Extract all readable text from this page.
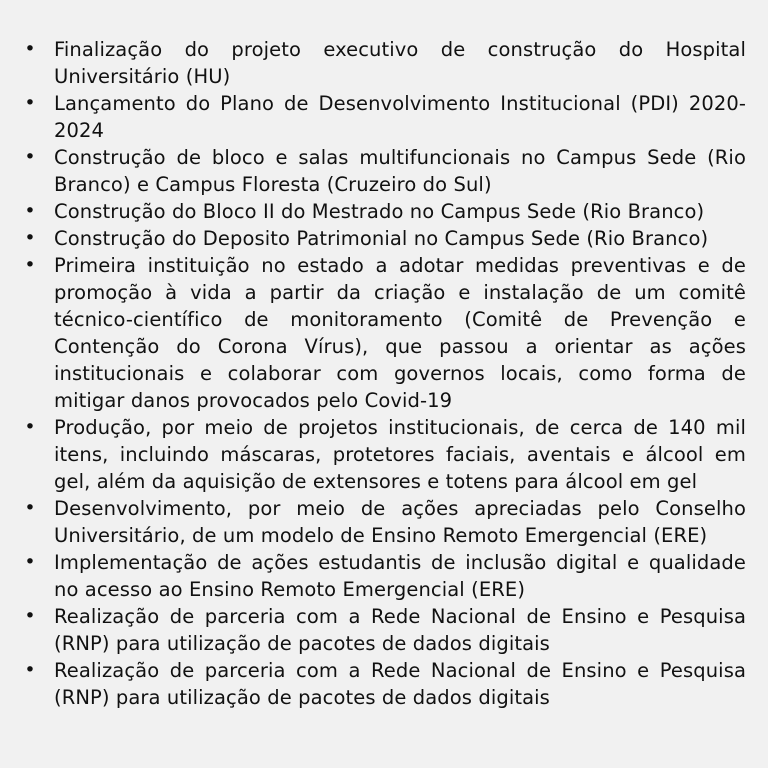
• Finalização do projeto executivo de construção do Hospital Universitário (HU)
• Lançamento do Plano de Desenvolvimento Institucional (PDI) 2020-2024
• Construção de bloco e salas multifuncionais no Campus Sede (Rio Branco) e Campus Floresta (Cruzeiro do Sul)
• Construção do Bloco II do Mestrado no Campus Sede (Rio Branco)
• Construção do Deposito Patrimonial no Campus Sede (Rio Branco)
• Primeira instituição no estado a adotar medidas preventivas e de promoção à vida a partir da criação e instalação de um comitê técnico-científico de monitoramento (Comitê de Prevenção e Contenção do Corona Vírus), que passou a orientar as ações institucionais e colaborar com governos locais, como forma de mitigar danos provocados pelo Covid-19
• Produção, por meio de projetos institucionais, de cerca de 140 mil itens, incluindo máscaras, protetores faciais, aventais e álcool em gel, além da aquisição de extensores e totens para álcool em gel
• Desenvolvimento, por meio de ações apreciadas pelo Conselho Universitário, de um modelo de Ensino Remoto Emergencial (ERE)
• Implementação de ações estudantis de inclusão digital e qualidade no acesso ao Ensino Remoto Emergencial (ERE)
• Realização de parceria com a Rede Nacional de Ensino e Pesquisa (RNP) para utilização de pacotes de dados digitais
• Realização de parceria com a Rede Nacional de Ensino e Pesquisa (RNP) para utilização de pacotes de dados digitais
